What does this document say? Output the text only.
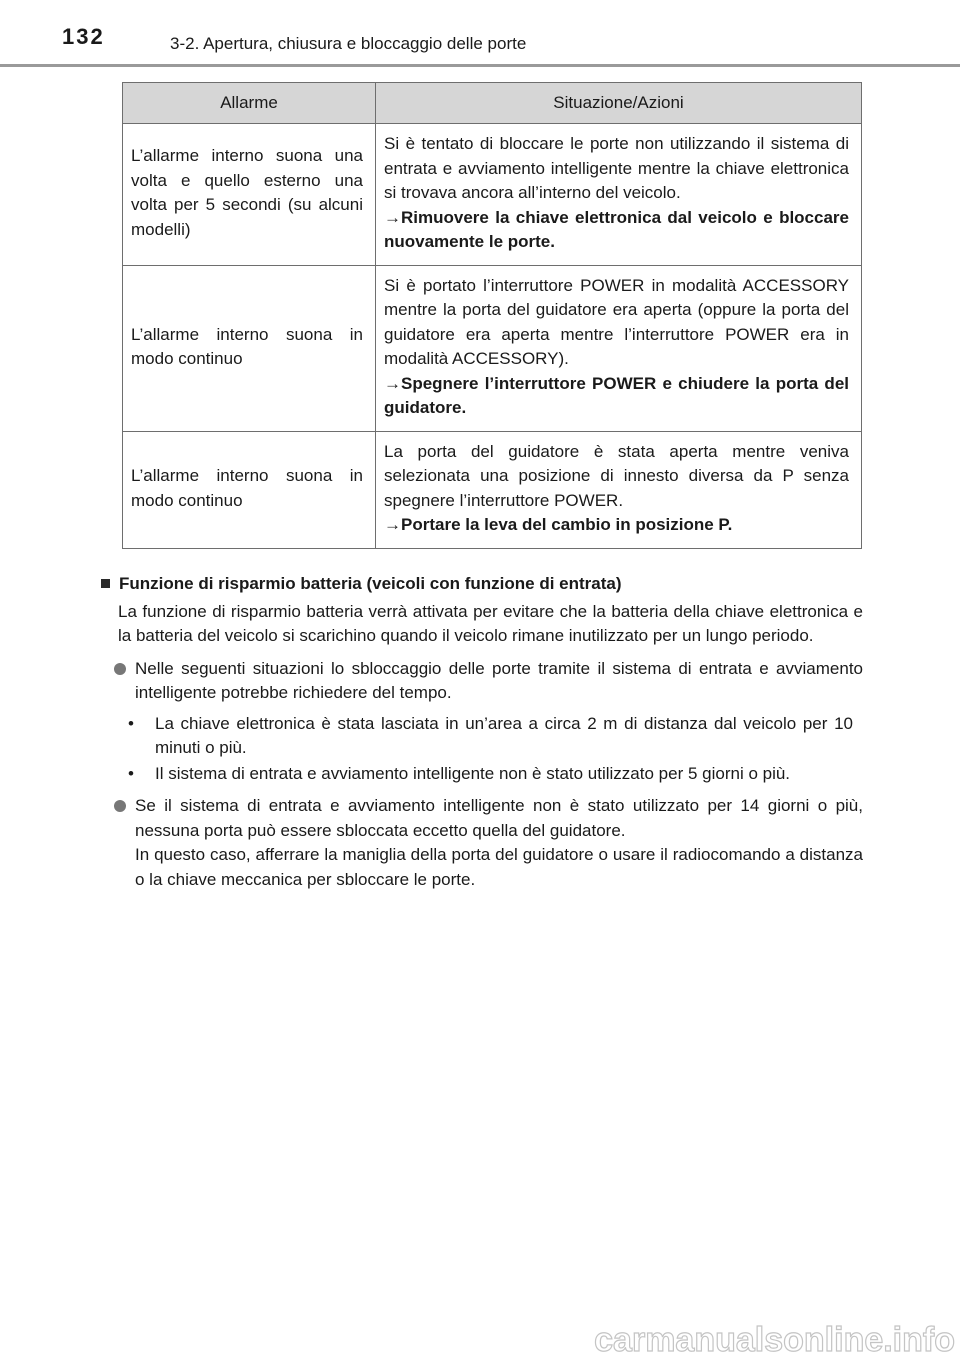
132	3-2. Apertura, chiusura e bloccaggio delle porte
Allarme	Situazione/Azioni
L’allarme interno suona una volta e quello esterno una volta per 5 secondi (su alcuni modelli)	Si è tentato di bloccare le porte non utilizzando il sistema di entrata e avviamento intelligente mentre la chiave elettronica si trovava ancora all’interno del veicolo.
→Rimuovere la chiave elettronica dal veicolo e bloccare nuovamente le porte.
L’allarme interno suona in modo continuo	Si è portato l’interruttore POWER in modalità ACCESSORY mentre la porta del guidatore era aperta (oppure la porta del guidatore era aperta mentre l’interruttore POWER era in modalità ACCESSORY).
→Spegnere l’interruttore POWER e chiudere la porta del guidatore.
L’allarme interno suona in modo continuo	La porta del guidatore è stata aperta mentre veniva selezionata una posizione di innesto diversa da P senza spegnere l’interruttore POWER.
→Portare la leva del cambio in posizione P.
Funzione di risparmio batteria (veicoli con funzione di entrata)

La funzione di risparmio batteria verrà attivata per evitare che la batteria della chiave elettronica e la batteria del veicolo si scarichino quando il veicolo rimane inutilizzato per un lungo periodo.

Nelle seguenti situazioni lo sbloccaggio delle porte tramite il sistema di entrata e avviamento intelligente potrebbe richiedere del tempo.

• La chiave elettronica è stata lasciata in un’area a circa 2 m di distanza dal veicolo per 10 minuti o più.

• Il sistema di entrata e avviamento intelligente non è stato utilizzato per 5 giorni o più.

Se il sistema di entrata e avviamento intelligente non è stato utilizzato per 14 giorni o più, nessuna porta può essere sbloccata eccetto quella del guidatore.

In questo caso, afferrare la maniglia della porta del guidatore o usare il radiocomando a distanza o la chiave meccanica per sbloccare le porte.

carmanualsonline.info
